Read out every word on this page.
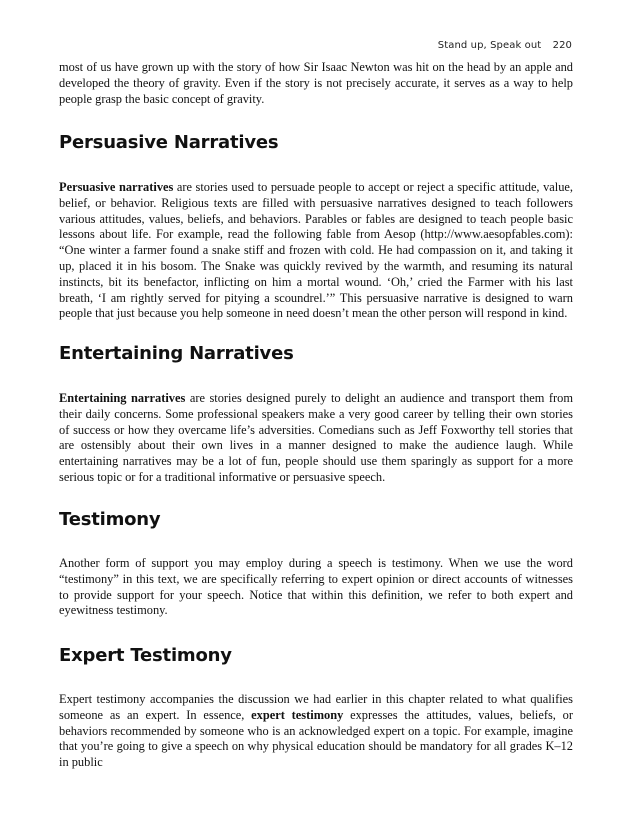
Stand up, Speak out 220

most of us have grown up with the story of how Sir Isaac Newton was hit on the head by an apple and developed the theory of gravity. Even if the story is not precisely accurate, it serves as a way to help people grasp the basic concept of gravity.

Persuasive Narratives

Persuasive narratives are stories used to persuade people to accept or reject a specific attitude, value, belief, or behavior. Religious texts are filled with persuasive narratives designed to teach followers various attitudes, values, beliefs, and behaviors. Parables or fables are designed to teach people basic lessons about life. For example, read the following fable from Aesop (http://www.aesopfables.com): “One winter a farmer found a snake stiff and frozen with cold. He had compassion on it, and taking it up, placed it in his bosom. The Snake was quickly revived by the warmth, and resuming its natural instincts, bit its benefactor, inflicting on him a mortal wound. ‘Oh,’ cried the Farmer with his last breath, ‘I am rightly served for pitying a scoundrel.’” This persuasive narrative is designed to warn people that just because you help someone in need doesn’t mean the other person will respond in kind.

Entertaining Narratives

Entertaining narratives are stories designed purely to delight an audience and transport them from their daily concerns. Some professional speakers make a very good career by telling their own stories of success or how they overcame life’s adversities. Comedians such as Jeff Foxworthy tell stories that are ostensibly about their own lives in a manner designed to make the audience laugh. While entertaining narratives may be a lot of fun, people should use them sparingly as support for a more serious topic or for a traditional informative or persuasive speech.

Testimony

Another form of support you may employ during a speech is testimony. When we use the word “testimony” in this text, we are specifically referring to expert opinion or direct accounts of witnesses to provide support for your speech. Notice that within this definition, we refer to both expert and eyewitness testimony.

Expert Testimony

Expert testimony accompanies the discussion we had earlier in this chapter related to what qualifies someone as an expert. In essence, expert testimony expresses the attitudes, values, beliefs, or behaviors recommended by someone who is an acknowledged expert on a topic. For example, imagine that you’re going to give a speech on why physical education should be mandatory for all grades K–12 in public
